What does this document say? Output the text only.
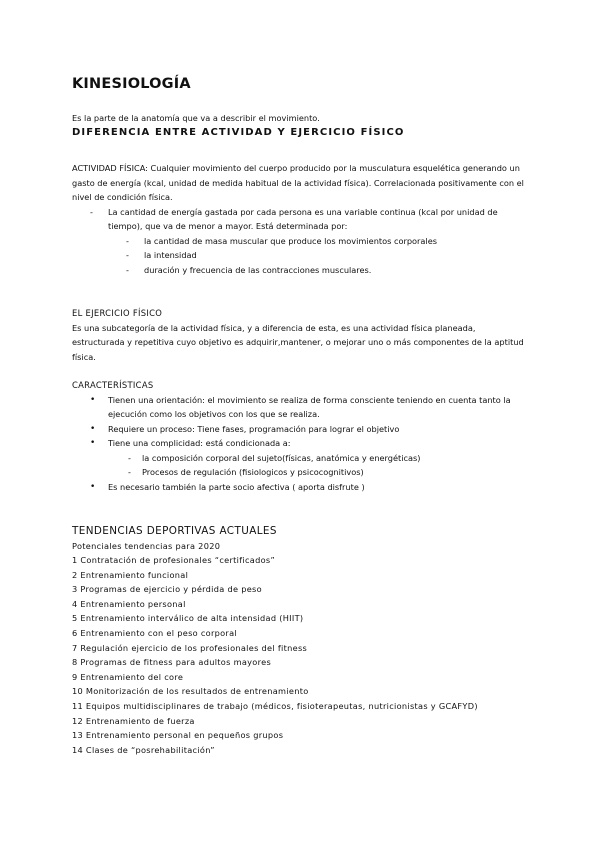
KINESIOLOGÍA

Es la parte de la anatomía que va a describir el movimiento.

DIFERENCIA ENTRE ACTIVIDAD Y EJERCICIO FÍSICO

ACTIVIDAD FÍSICA: Cualquier movimiento del cuerpo producido por la musculatura esquelética generando un gasto de energía (kcal, unidad de medida habitual de la actividad física). Correlacionada positivamente con el nivel de condición física.

- La cantidad de energía gastada por cada persona es una variable continua (kcal por unidad de tiempo), que va de menor a mayor. Está determinada por:
- la cantidad de masa muscular que produce los movimientos corporales
- la intensidad
- duración y frecuencia de las contracciones musculares.

EL EJERCICIO FÍSICO

Es una subcategoría de la actividad física, y a diferencia de esta, es una actividad física planeada, estructurada y repetitiva cuyo objetivo es adquirir,mantener, o mejorar uno o más componentes de la aptitud física.

CARACTERÍSTICAS

• Tienen una orientación: el movimiento se realiza de forma consciente teniendo en cuenta tanto la ejecución como los objetivos con los que se realiza.
• Requiere un proceso: Tiene fases, programación para lograr el objetivo
• Tiene una complicidad: está condicionada a:
- la composición corporal del sujeto(físicas, anatómica y energéticas)
- Procesos de regulación (fisiologicos y psicocognitivos)
• Es necesario también la parte socio afectiva ( aporta disfrute )

TENDENCIAS DEPORTIVAS ACTUALES

Potenciales tendencias para 2020

1 Contratación de profesionales “certificados”
2 Entrenamiento funcional
3 Programas de ejercicio y pérdida de peso
4 Entrenamiento personal
5 Entrenamiento interválico de alta intensidad (HIIT)
6 Entrenamiento con el peso corporal
7 Regulación ejercicio de los profesionales del fitness
8 Programas de fitness para adultos mayores
9 Entrenamiento del core
10 Monitorización de los resultados de entrenamiento
11 Equipos multidisciplinares de trabajo (médicos, fisioterapeutas, nutricionistas y GCAFYD)
12 Entrenamiento de fuerza
13 Entrenamiento personal en pequeños grupos
14 Clases de “posrehabilitación”
